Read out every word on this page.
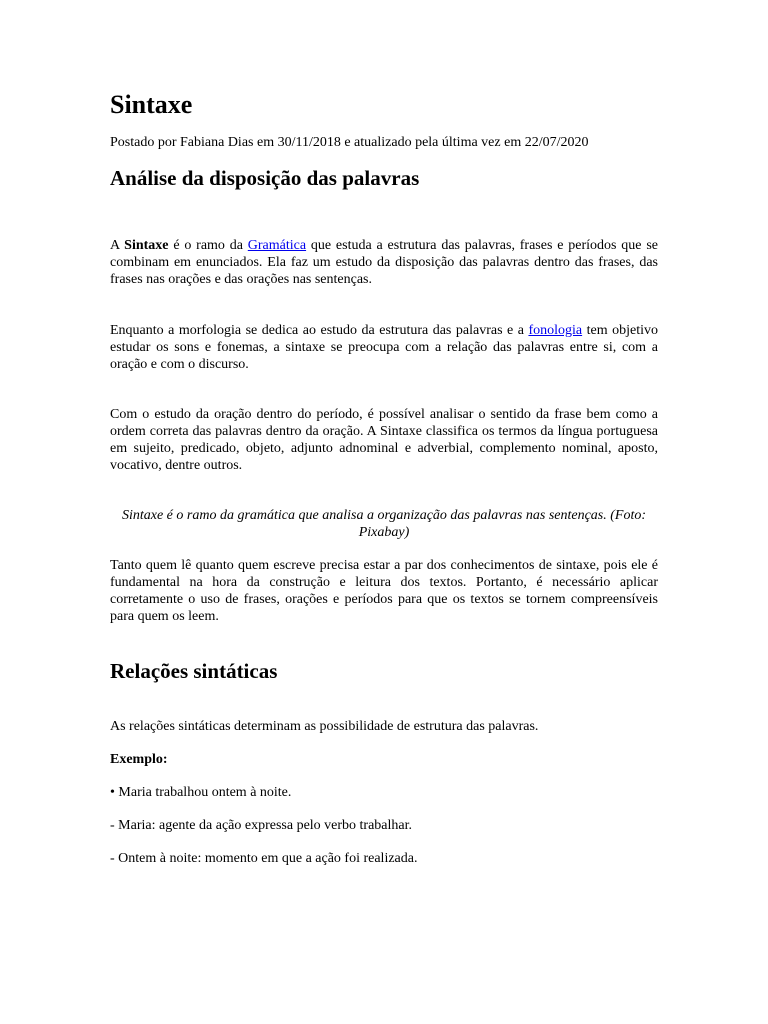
Sintaxe
Postado por Fabiana Dias em 30/11/2018 e atualizado pela última vez em 22/07/2020
Análise da disposição das palavras

A Sintaxe é o ramo da Gramática que estuda a estrutura das palavras, frases e períodos que se combinam em enunciados. Ela faz um estudo da disposição das palavras dentro das frases, das frases nas orações e das orações nas sentenças.

Enquanto a morfologia se dedica ao estudo da estrutura das palavras e a fonologia tem objetivo estudar os sons e fonemas, a sintaxe se preocupa com a relação das palavras entre si, com a oração e com o discurso.

Com o estudo da oração dentro do período, é possível analisar o sentido da frase bem como a ordem correta das palavras dentro da oração. A Sintaxe classifica os termos da língua portuguesa em sujeito, predicado, objeto, adjunto adnominal e adverbial, complemento nominal, aposto, vocativo, dentre outros.

Sintaxe é o ramo da gramática que analisa a organização das palavras nas sentenças. (Foto: Pixabay)

Tanto quem lê quanto quem escreve precisa estar a par dos conhecimentos de sintaxe, pois ele é fundamental na hora da construção e leitura dos textos. Portanto, é necessário aplicar corretamente o uso de frases, orações e períodos para que os textos se tornem compreensíveis para quem os leem.

Relações sintáticas

As relações sintáticas determinam as possibilidade de estrutura das palavras.

Exemplo:

• Maria trabalhou ontem à noite.

- Maria: agente da ação expressa pelo verbo trabalhar.

- Ontem à noite: momento em que a ação foi realizada.
